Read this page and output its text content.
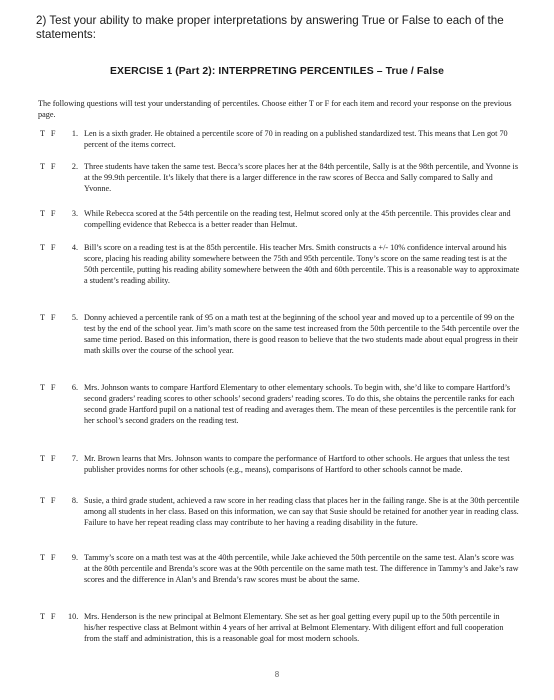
2) Test your ability to make proper interpretations by answering True or False to each of the statements:
EXERCISE 1 (Part 2): INTERPRETING PERCENTILES – True / False
The following questions will test your understanding of percentiles. Choose either T or F for each item and record your response on the previous page.
T F	1. Len is a sixth grader. He obtained a percentile score of 70 in reading on a published standardized test. This means that Len got 70 percent of the items correct.
T F	2. Three students have taken the same test. Becca’s score places her at the 84th percentile, Sally is at the 98th percentile, and Yvonne is at the 99.9th percentile. It’s likely that there is a larger difference in the raw scores of Becca and Sally compared to Sally and Yvonne.
T F	3. While Rebecca scored at the 54th percentile on the reading test, Helmut scored only at the 45th percentile. This provides clear and compelling evidence that Rebecca is a better reader than Helmut.
T F	4. Bill’s score on a reading test is at the 85th percentile. His teacher Mrs. Smith constructs a +/- 10% confidence interval around his score, placing his reading ability somewhere between the 75th and 95th percentile. Tony’s score on the same reading test is at the 50th percentile, putting his reading ability somewhere between the 40th and 60th percentile. This is a reasonable way to approximate a student’s reading ability.
T F	5. Donny achieved a percentile rank of 95 on a math test at the beginning of the school year and moved up to a percentile of 99 on the test by the end of the school year. Jim’s math score on the same test increased from the 50th percentile to the 54th percentile over the same time period. Based on this information, there is good reason to believe that the two students made about equal progress in their math skills over the course of the school year.
T F	6. Mrs. Johnson wants to compare Hartford Elementary to other elementary schools. To begin with, she’d like to compare Hartford’s second graders’ reading scores to other schools’ second graders’ reading scores. To do this, she obtains the percentile ranks for each second grade Hartford pupil on a national test of reading and averages them. The mean of these percentiles is the percentile rank for her school’s second graders on the reading test.
T F	7. Mr. Brown learns that Mrs. Johnson wants to compare the performance of Hartford to other schools. He argues that unless the test publisher provides norms for other schools (e.g., means), comparisons of Hartford to other schools cannot be made.
T F	8. Susie, a third grade student, achieved a raw score in her reading class that places her in the failing range. She is at the 30th percentile among all students in her class. Based on this information, we can say that Susie should be retained for another year in reading class. Failure to have her repeat reading class may contribute to her having a reading disability in the future.
T F	9. Tammy’s score on a math test was at the 40th percentile, while Jake achieved the 50th percentile on the same test. Alan’s score was at the 80th percentile and Brenda’s score was at the 90th percentile on the same math test. The difference in Tammy’s and Jake’s raw scores and the difference in Alan’s and Brenda’s raw scores must be about the same.
T F	10. Mrs. Henderson is the new principal at Belmont Elementary. She set as her goal getting every pupil up to the 50th percentile in his/her respective class at Belmont within 4 years of her arrival at Belmont Elementary. With diligent effort and full cooperation from the staff and administration, this is a reasonable goal for most modern schools.
8
